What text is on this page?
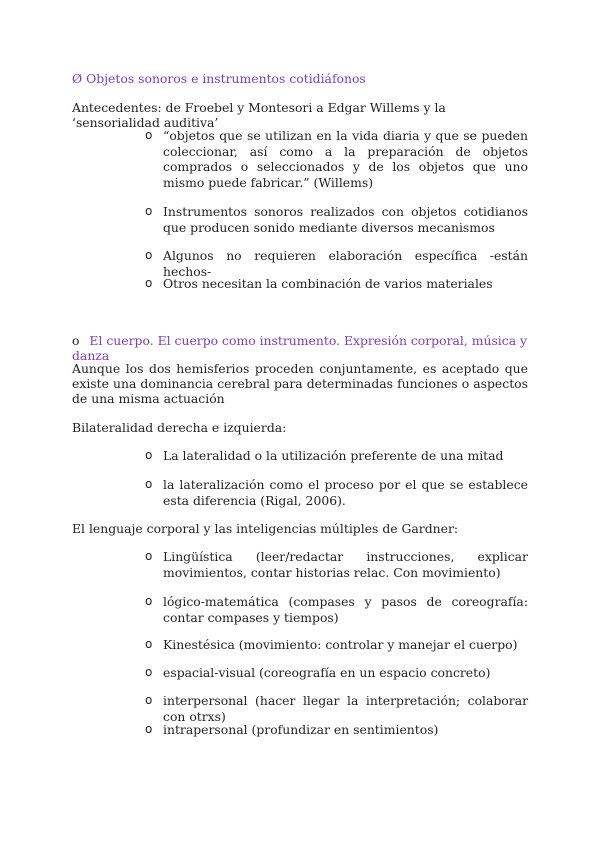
Ø Objetos sonoros e instrumentos cotidiáfonos

Antecedentes: de Froebel y Montesori a Edgar Willems y la ‘sensorialidad auditiva’

o “objetos que se utilizan en la vida diaria y que se pueden coleccionar, así como a la preparación de objetos comprados o seleccionados y de los objetos que uno mismo puede fabricar.” (Willems)
o Instrumentos sonoros realizados con objetos cotidianos que producen sonido mediante diversos mecanismos
o Algunos no requieren elaboración específica -están hechos-
o Otros necesitan la combinación de varios materiales

o El cuerpo. El cuerpo como instrumento. Expresión corporal, música y danza

Aunque los dos hemisferios proceden conjuntamente, es aceptado que existe una dominancia cerebral para determinadas funciones o aspectos de una misma actuación

Bilateralidad derecha e izquierda:

o La lateralidad o la utilización preferente de una mitad
o la lateralización como el proceso por el que se establece esta diferencia (Rigal, 2006).

El lenguaje corporal y las inteligencias múltiples de Gardner:

o Lingüística (leer/redactar instrucciones, explicar movimientos, contar historias relac. Con movimiento)
o lógico-matemática (compases y pasos de coreografía: contar compases y tiempos)
o Kinestésica (movimiento: controlar y manejar el cuerpo)
o espacial-visual (coreografía en un espacio concreto)
o interpersonal (hacer llegar la interpretación; colaborar con otrxs)
o intrapersonal (profundizar en sentimientos)
